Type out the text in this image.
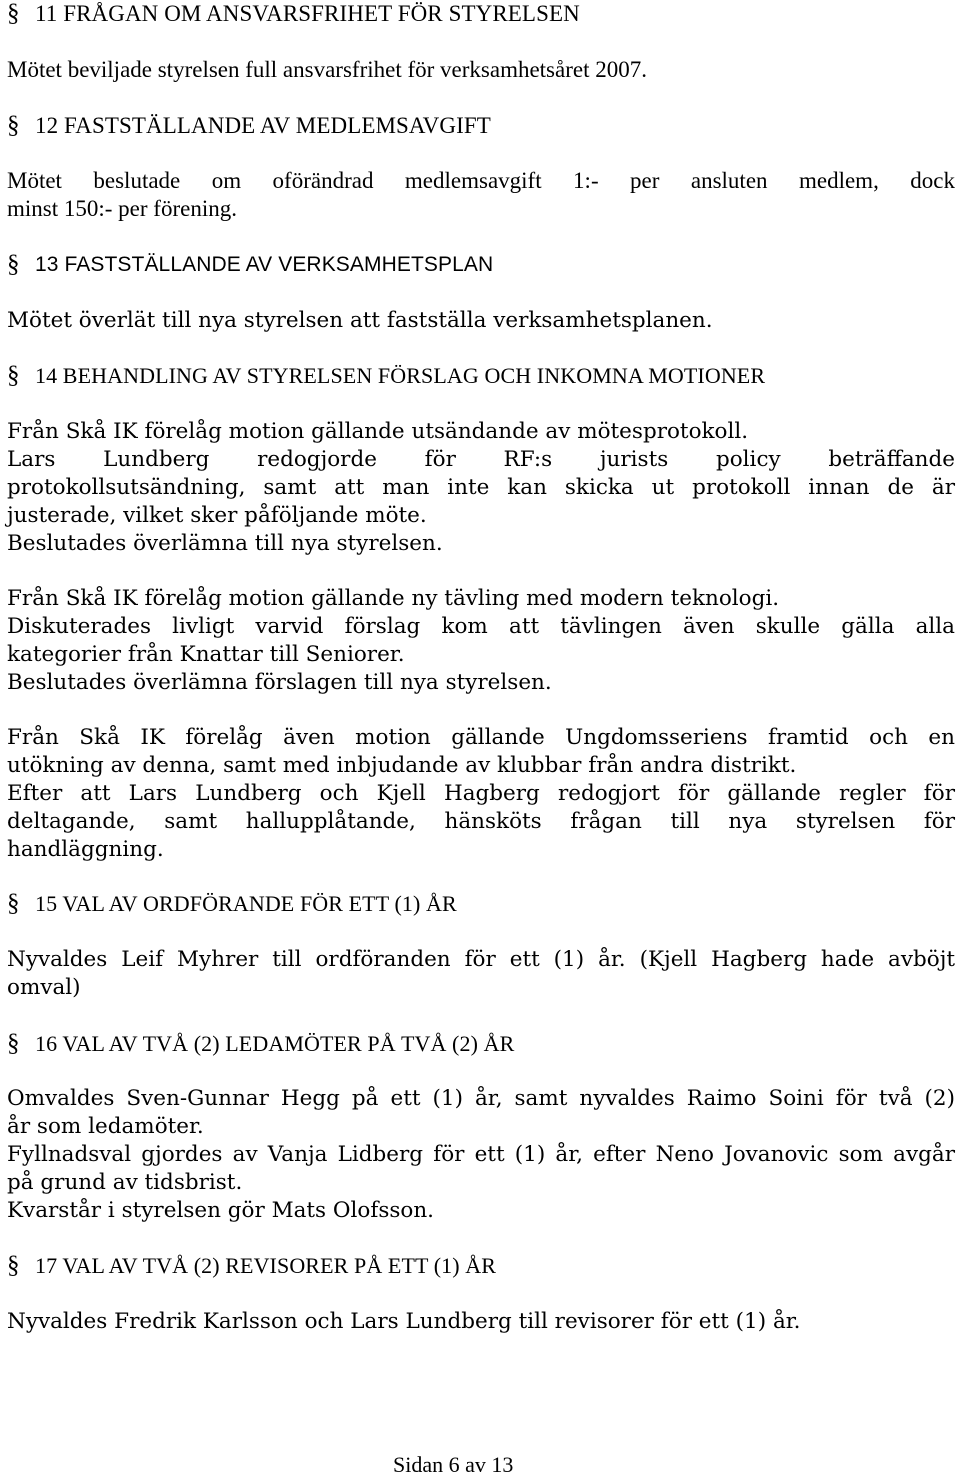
§ 11 FRÅGAN OM ANSVARSFRIHET FÖR STYRELSEN

Mötet beviljade styrelsen full ansvarsfrihet för verksamhetsåret 2007.

§ 12 FASTSTÄLLANDE AV MEDLEMSAVGIFT

Mötet beslutade om oförändrad medlemsavgift 1:- per ansluten medlem, dock

minst 150:- per förening.

§ 13 FASTSTÄLLANDE AV VERKSAMHETSPLAN

Mötet överlät till nya styrelsen att fastställa verksamhetsplanen.

§ 14 BEHANDLING AV STYRELSEN FÖRSLAG OCH INKOMNA MOTIONER

Från Skå IK förelåg motion gällande utsändande av mötesprotokoll.

Lars Lundberg redogjorde för RF:s jurists policy beträffande

protokollsutsändning, samt att man inte kan skicka ut protokoll innan de är

justerade, vilket sker påföljande möte.

Beslutades överlämna till nya styrelsen.

Från Skå IK förelåg motion gällande ny tävling med modern teknologi.

Diskuterades livligt varvid förslag kom att tävlingen även skulle gälla alla

kategorier från Knattar till Seniorer.

Beslutades överlämna förslagen till nya styrelsen.

Från Skå IK förelåg även motion gällande Ungdomsseriens framtid och en

utökning av denna, samt med inbjudande av klubbar från andra distrikt.

Efter att Lars Lundberg och Kjell Hagberg redogjort för gällande regler för

deltagande, samt hallupplåtande, hänsköts frågan till nya styrelsen för

handläggning.

§ 15 VAL AV ORDFÖRANDE FÖR ETT (1) ÅR

Nyvaldes Leif Myhrer till ordföranden för ett (1) år. (Kjell Hagberg hade avböjt

omval)

§ 16 VAL AV TVÅ (2) LEDAMÖTER PÅ TVÅ (2) ÅR

Omvaldes Sven-Gunnar Hegg på ett (1) år, samt nyvaldes Raimo Soini för två (2)

år som ledamöter.

Fyllnadsval gjordes av Vanja Lidberg för ett (1) år, efter Neno Jovanovic som avgår

på grund av tidsbrist.

Kvarstår i styrelsen gör Mats Olofsson.

§ 17 VAL AV TVÅ (2) REVISORER PÅ ETT (1) ÅR

Nyvaldes Fredrik Karlsson och Lars Lundberg till revisorer för ett (1) år.

Sidan 6 av 13
